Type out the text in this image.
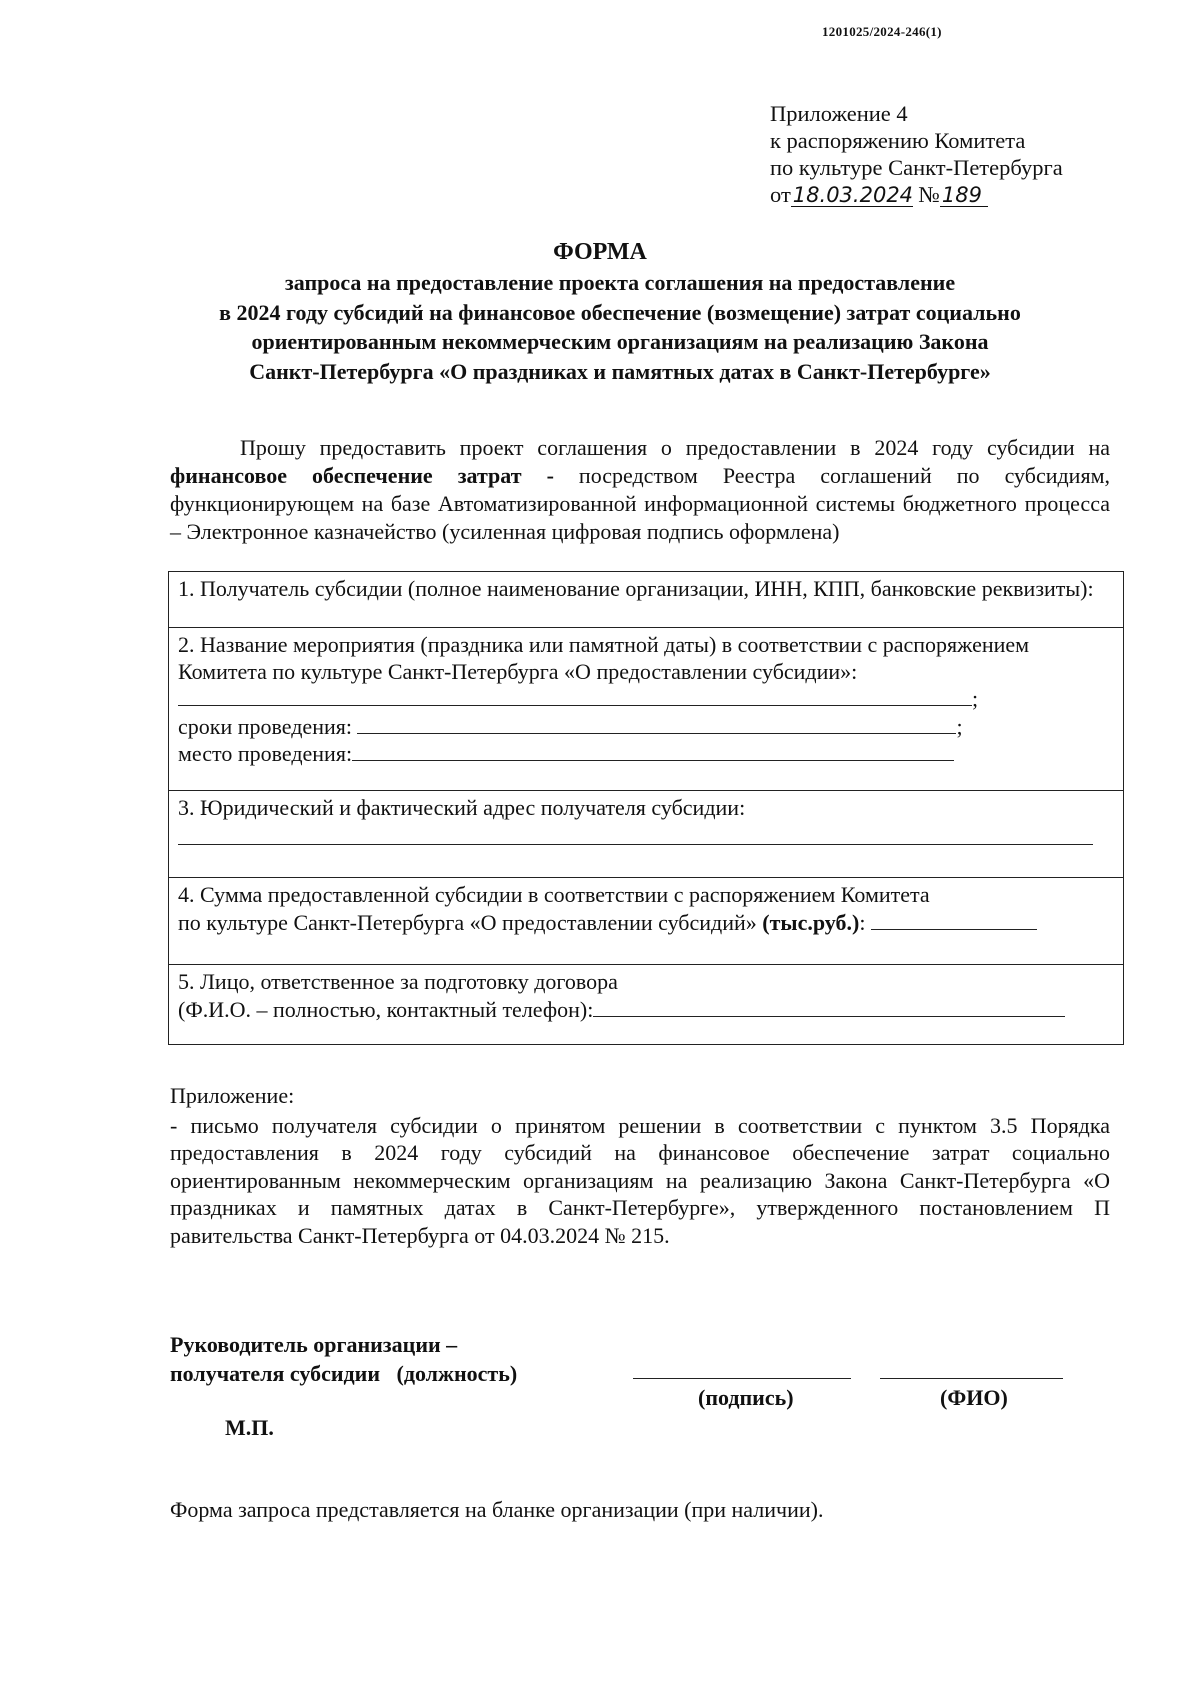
1201025/2024-246(1)
Приложение 4
к распоряжению Комитета
по культуре Санкт-Петербурга
от18.03.2024 №189
ФОРМА
запроса на предоставление проекта соглашения на предоставление
в 2024 году субсидий на финансовое обеспечение (возмещение) затрат социально
ориентированным некоммерческим организациям на реализацию Закона
Санкт-Петербурга «О праздниках и памятных датах в Санкт-Петербурге»
Прошу предоставить проект соглашения о предоставлении в 2024 году субсидии на финансовое обеспечение затрат - посредством Реестра соглашений по субсидиям, функционирующем на базе Автоматизированной информационной системы бюджетного процесса – Электронное казначейство (усиленная цифровая подпись оформлена)
1. Получатель субсидии (полное наименование организации, ИНН, КПП, банковские реквизиты):
2. Название мероприятия (праздника или памятной даты) в соответствии с распоряжением
Комитета по культуре Санкт-Петербурга «О предоставлении субсидии»:
;
сроки проведения:	;
место проведения:
3. Юридический и фактический адрес получателя субсидии:
4. Сумма предоставленной субсидии в соответствии с распоряжением Комитета
по культуре Санкт-Петербурга «О предоставлении субсидий» (тыс.руб.):
5. Лицо, ответственное за подготовку договора
(Ф.И.О. – полностью, контактный телефон):
Приложение:
- письмо получателя субсидии о принятом решении в соответствии с пунктом 3.5 Порядка предоставления в 2024 году субсидий на финансовое обеспечение затрат социально ориентированным некоммерческим организациям на реализацию Закона Санкт-Петербурга «О праздниках и памятных датах в Санкт-Петербурге», утвержденного постановлением П равительства Санкт-Петербурга от 04.03.2024 № 215.
Руководитель организации –
получателя субсидии   (должность)
(подпись)	(ФИО)
М.П.
Форма запроса представляется на бланке организации (при наличии).
